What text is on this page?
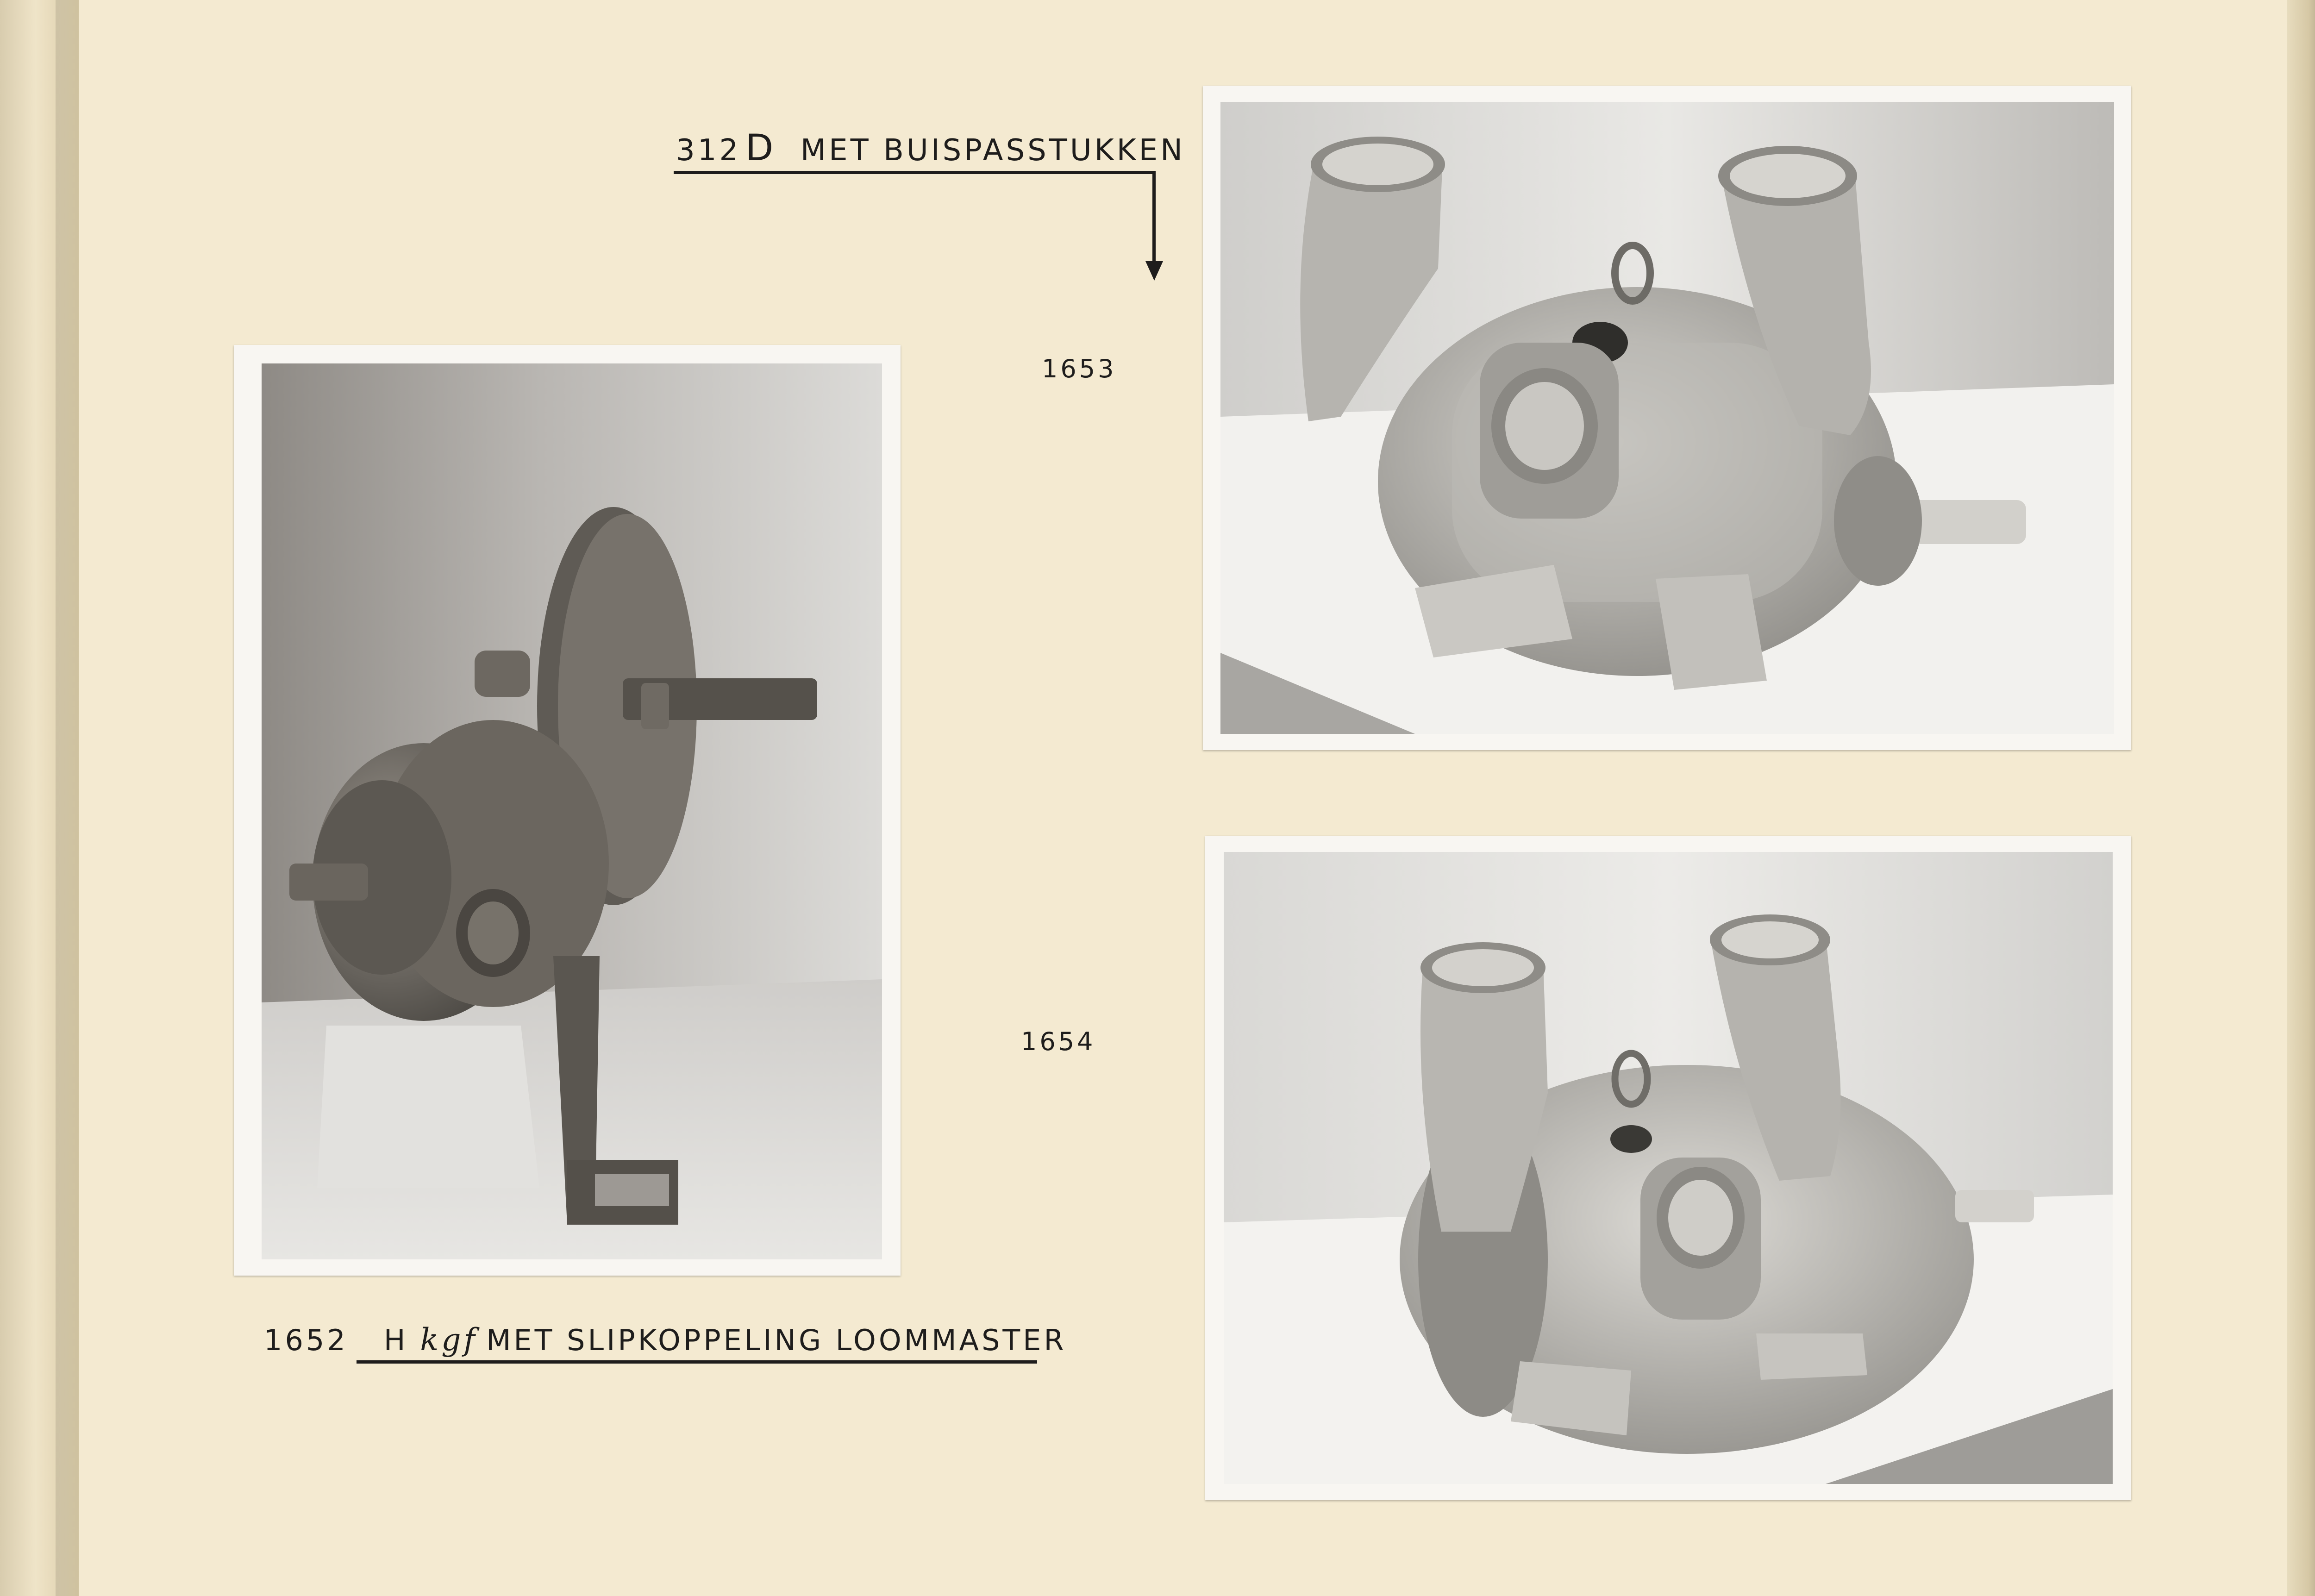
312 D MET BUISPASSTUKKEN
1653
1654
1652 H kgf MET SLIPKOPPELING LOOMMASTER
